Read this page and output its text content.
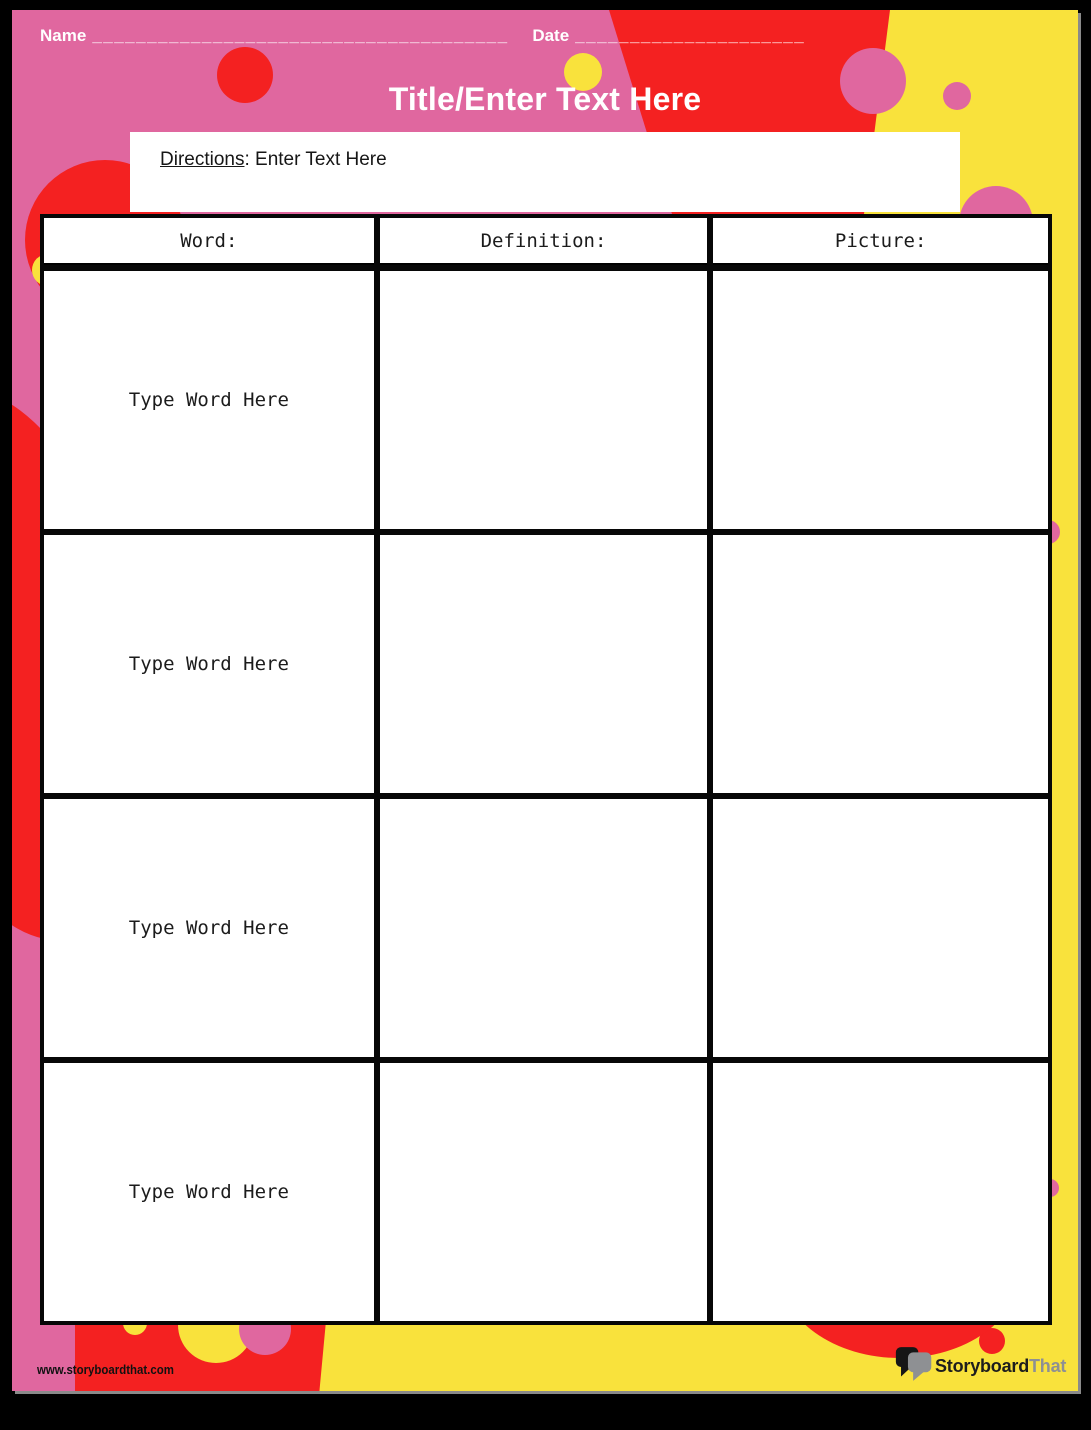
Name ______________________________________	Date _____________________
Title/Enter Text Here
Directions: Enter Text Here
Word:	Definition:	Picture:
Type Word Here
Type Word Here
Type Word Here
Type Word Here
www.storyboardthat.com	StoryboardThat
